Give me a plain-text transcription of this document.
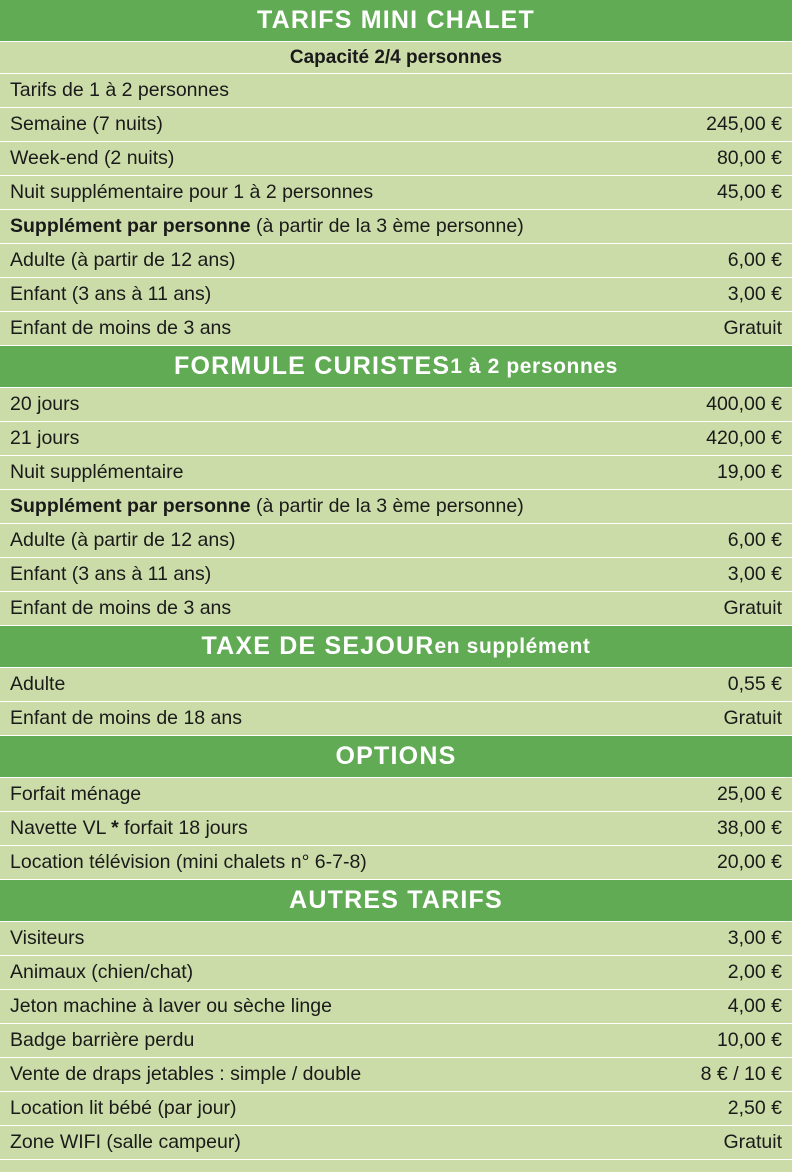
TARIFS MINI CHALET
Capacité 2/4 personnes
Tarifs de 1 à 2 personnes
Semaine (7 nuits)	245,00 €
Week-end (2 nuits)	80,00 €
Nuit supplémentaire pour 1 à 2 personnes	45,00 €
Supplément par personne (à partir de la 3 ème personne)
Adulte (à partir de 12 ans)	6,00 €
Enfant (3 ans à 11 ans)	3,00 €
Enfant de moins de 3 ans	Gratuit
FORMULE CURISTES 1 à 2 personnes
20 jours	400,00 €
21 jours	420,00 €
Nuit supplémentaire	19,00 €
Supplément par personne (à partir de la 3 ème personne)
Adulte (à partir de 12 ans)	6,00 €
Enfant (3 ans à 11 ans)	3,00 €
Enfant de moins de 3 ans	Gratuit
TAXE DE SEJOUR en supplément
Adulte	0,55 €
Enfant de moins de 18 ans	Gratuit
OPTIONS
Forfait ménage	25,00 €
Navette VL * forfait 18 jours	38,00 €
Location télévision (mini chalets n° 6-7-8)	20,00 €
AUTRES TARIFS
Visiteurs	3,00 €
Animaux (chien/chat)	2,00 €
Jeton machine à laver ou sèche linge	4,00 €
Badge barrière perdu	10,00 €
Vente de draps jetables : simple / double	8 € / 10 €
Location lit bébé (par jour)	2,50 €
Zone WIFI (salle campeur)	Gratuit
